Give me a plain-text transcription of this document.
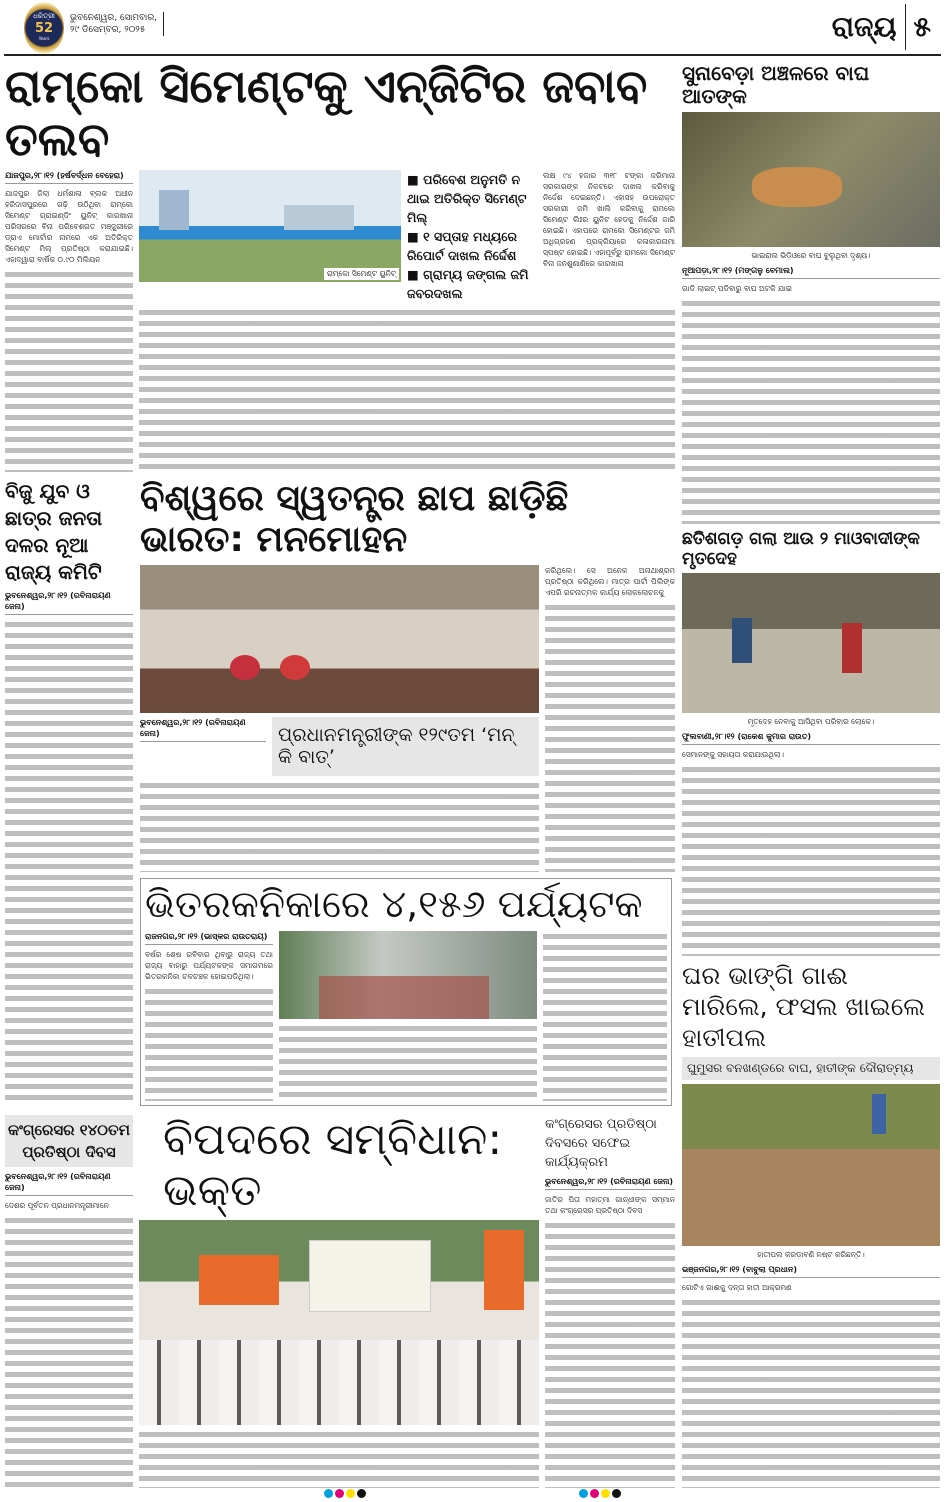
ଧରିତ୍ରୀ
52
Years
ଭୁବନେଶ୍ୱର, ସୋମବାର,
୨୯ ଡିସେମ୍ବର, ୨୦୨୫	ରାଜ୍ୟ ୫
ରାମ୍‌କୋ ସିମେଣ୍ଟକୁ ଏନ୍‌ଜିଟିର ଜବାବ ତଲବ
ଯାଜପୁର,୨୮।୧୨ (ହର୍ଷବର୍ଦ୍ଧନ ବେହେରା)
ଯାଜପୁର ଜିଲା ଧର୍ମଶାଳା ବ୍ଲକ ଅଧୀନ ହରିଦାସପୁରରେ ଗଢ଼ି ଉଠିଥିବା ରାମ୍‌କୋ ସିମେଣ୍ଟ ଗ୍ରାଇଣ୍ଡିଂ ୟୁନିଟ୍‌ କାରଖାନା ପରିସରରେ ବିନା ପରିବେଶଗତ ମଞ୍ଜୁରୀରେ ଡ୍ରାଏ ମୋର୍ଟାର ନାମରେ ଏକ ଅତିରିକ୍ତ ସିମେଣ୍ଟ ମିଲ୍‌ ପ୍ରତିଷ୍ଠା କରାଯାଇଛି। ଏହାଦ୍ୱାରା ବାର୍ଷିକ ୦.୯୦ ମିଲିୟନ
ରାମ୍‌କୋ ସିମେଣ୍ଟ ୟୁନିଟ୍‌
■ ପରିବେଶ ଅନୁମତି ନ ଥାଇ ଅତିରିକ୍ତ ସିମେଣ୍ଟ ମିଲ୍‌
■ ୧ ସପ୍ତାହ ମଧ୍ୟରେ ରିପୋର୍ଟ ଦାଖଲ ନିର୍ଦ୍ଦେଶ
■ ଗ୍ରାମ୍ୟ ଜଙ୍ଗଲ ଜମି ଜବରଦଖଲ
ଲକ୍ଷ ୯୪ ହଜାର ୩୧୮ ଟଙ୍କା ଜରିମାନା ସରକାରଙ୍କ ନିକଟରେ ଦାଖଲ କରିବାକୁ ନିର୍ଦ୍ଦେଶ ଦେଇଛନ୍ତି। ଏହାସହ ଉପରୋକ୍ତ ସରକାରୀ ଜମି ଖାଲି କରିବାକୁ ରାମକୋ ସିମେଣ୍ଟ ଲିଃର ୟୁନିଟ ହେଡକୁ ନିର୍ଦ୍ଦେଶ ଜାରି ହୋଇଛି। ଏହାପରେ ରାମକୋ ସିମେଣ୍ଟର ଜମି ଅଧିଗ୍ରହଣ ପ୍ରକ୍ରିୟାରେ କଳାକାରନାମା ସ୍ପଷ୍ଟ ହୋଇଛି। ଏହାପୂର୍ବରୁ ରାମକୋ ସିମେଣ୍ଟ ବିନା ଜନଶୁଣାଣିରେ କାରଖାନା
ସୁନାବେଡ଼ା ଅଞ୍ଚଳରେ ବାଘ ଆତଙ୍କ
ଭାଇରାଲ ଭିଡ଼ିଓରେ ବାଘ ବୁଲୁଥିବା ଦୃଶ୍ୟ।
ନୂଆପଡ଼ା,୨୮।୧୨ (ମଙ୍ଗଳୁ ବେମାଲ)
ଗାଡି ଲାଇଟ୍‌ ପଡିବାରୁ ବାଘ ଅଟକି ଯାଇ
ବିଜୁ ଯୁବ ଓ ଛାତ୍ର ଜନତା ଦଳର ନୂଆ ରାଜ୍ୟ କମିଟି
ଭୁବନେଶ୍ୱର,୨୮।୧୨ (ରବିନାରାୟଣ ଜେନା)
ବିଶ୍ୱରେ ସ୍ୱତନ୍ତ୍ର ଛାପ ଛାଡ଼ିଛି ଭାରତ: ମନମୋହନ
ଭୁବନେଶ୍ୱର,୨୮।୧୨ (ରବିନାରାୟଣ ଜେନା)	ପ୍ରଧାନମନ୍ତ୍ରୀଙ୍କ ୧୨୯ତମ ‘ମନ୍‌ କି ବାତ୍‌’
କରିଥିଲେ। ସେ ଅନେକ ଅନାଥାଶ୍ରମ ପ୍ରତିଷ୍ଠା କରିଥିଲେ। ମାତ୍ର ପାର୍ଟୀ ପିଲିଙ୍କ ଏପରି ରଚନାତ୍ମକ କାର୍ଯ୍ୟ ଲୋକଲୋଚନକୁ
ଛତିଶଗଡ଼ ଗଲା ଆଉ ୨ ମାଓବାଦୀଙ୍କ ମୃତଦେହ
ମୃତଦେହ ନେବାକୁ ଆସିଥିବା ପରିବାର ଲୋକେ।
ଫୁଲବାଣୀ,୨୮।୧୨ (ରାକେଶ କୁମାର ରାଉତ)
ସେମାନଙ୍କୁ ସହାୟତା କରାଯାଉଥିଲା।
ଘର ଭାଙ୍ଗି ଗାଈ ମାରିଲେ, ଫସଲ ଖାଇଲେ ହାତୀପଲ
ଘୁମୁସର ବନଖଣ୍ଡରେ ବାଘ, ହାତୀଙ୍କ ଦୌରାତ୍ମ୍ୟ
ହାତୀପଲ କରଡ଼ାବଣି ନଷ୍ଟ କରିଛନ୍ତି।
ଭଞ୍ଜନଗର,୨୮।୧୨ (ବାବୁଲା ପ୍ରଧାନ)
ଗୋଟିଏ ଗାଈକୁ ଦନ୍ତା ହାତୀ ଆକ୍ରମଣ
ଭିତରକନିକାରେ ୪,୧୫୬ ପର୍ଯ୍ୟଟକ
ରାଜନଗର,୨୮।୧୨ (ଭାସ୍କର ରାଉତରାୟ)
ବର୍ଷର ଶେଷ ରବିବାର ଥିବାରୁ ରାଜ୍ୟ ତଥା ରାଜ୍ୟ ବାହାରୁ ପର୍ଯ୍ୟଟକଙ୍କ ସମାଗମରେ ଭିତରକନିକା ଚଳଚଞ୍ଚଳ ହୋଇପଡିଥିଲା।
କଂଗ୍ରେସର ୧୪୦ତମ ପ୍ରତିଷ୍ଠା ଦିବସ
ଭୁବନେଶ୍ୱର,୨୮।୧୨ (ରବିନାରାୟଣ ଜେନା)
ଦେଶର ପୂର୍ବତନ ପ୍ରଧାନମନ୍ତ୍ରୀମାନେ
ବିପଦରେ ସମ୍ବିଧାନ: ଭକ୍ତ
କଂଗ୍ରେସର ପ୍ରତିଷ୍ଠା ଦିବସରେ ସଫେଇ କାର୍ଯ୍ୟକ୍ରମ
ଭୁବନେଶ୍ୱର,୨୮।୧୨ (ରବିନାରାୟଣ ଜେନା)
ଜାତିର ପିତା ମହାତ୍ମା ଗାନ୍ଧୀଙ୍କ ସମ୍ମାନ ତଥା କଂଗ୍ରେସର ପ୍ରତିଷ୍ଠା ଦିବସ
